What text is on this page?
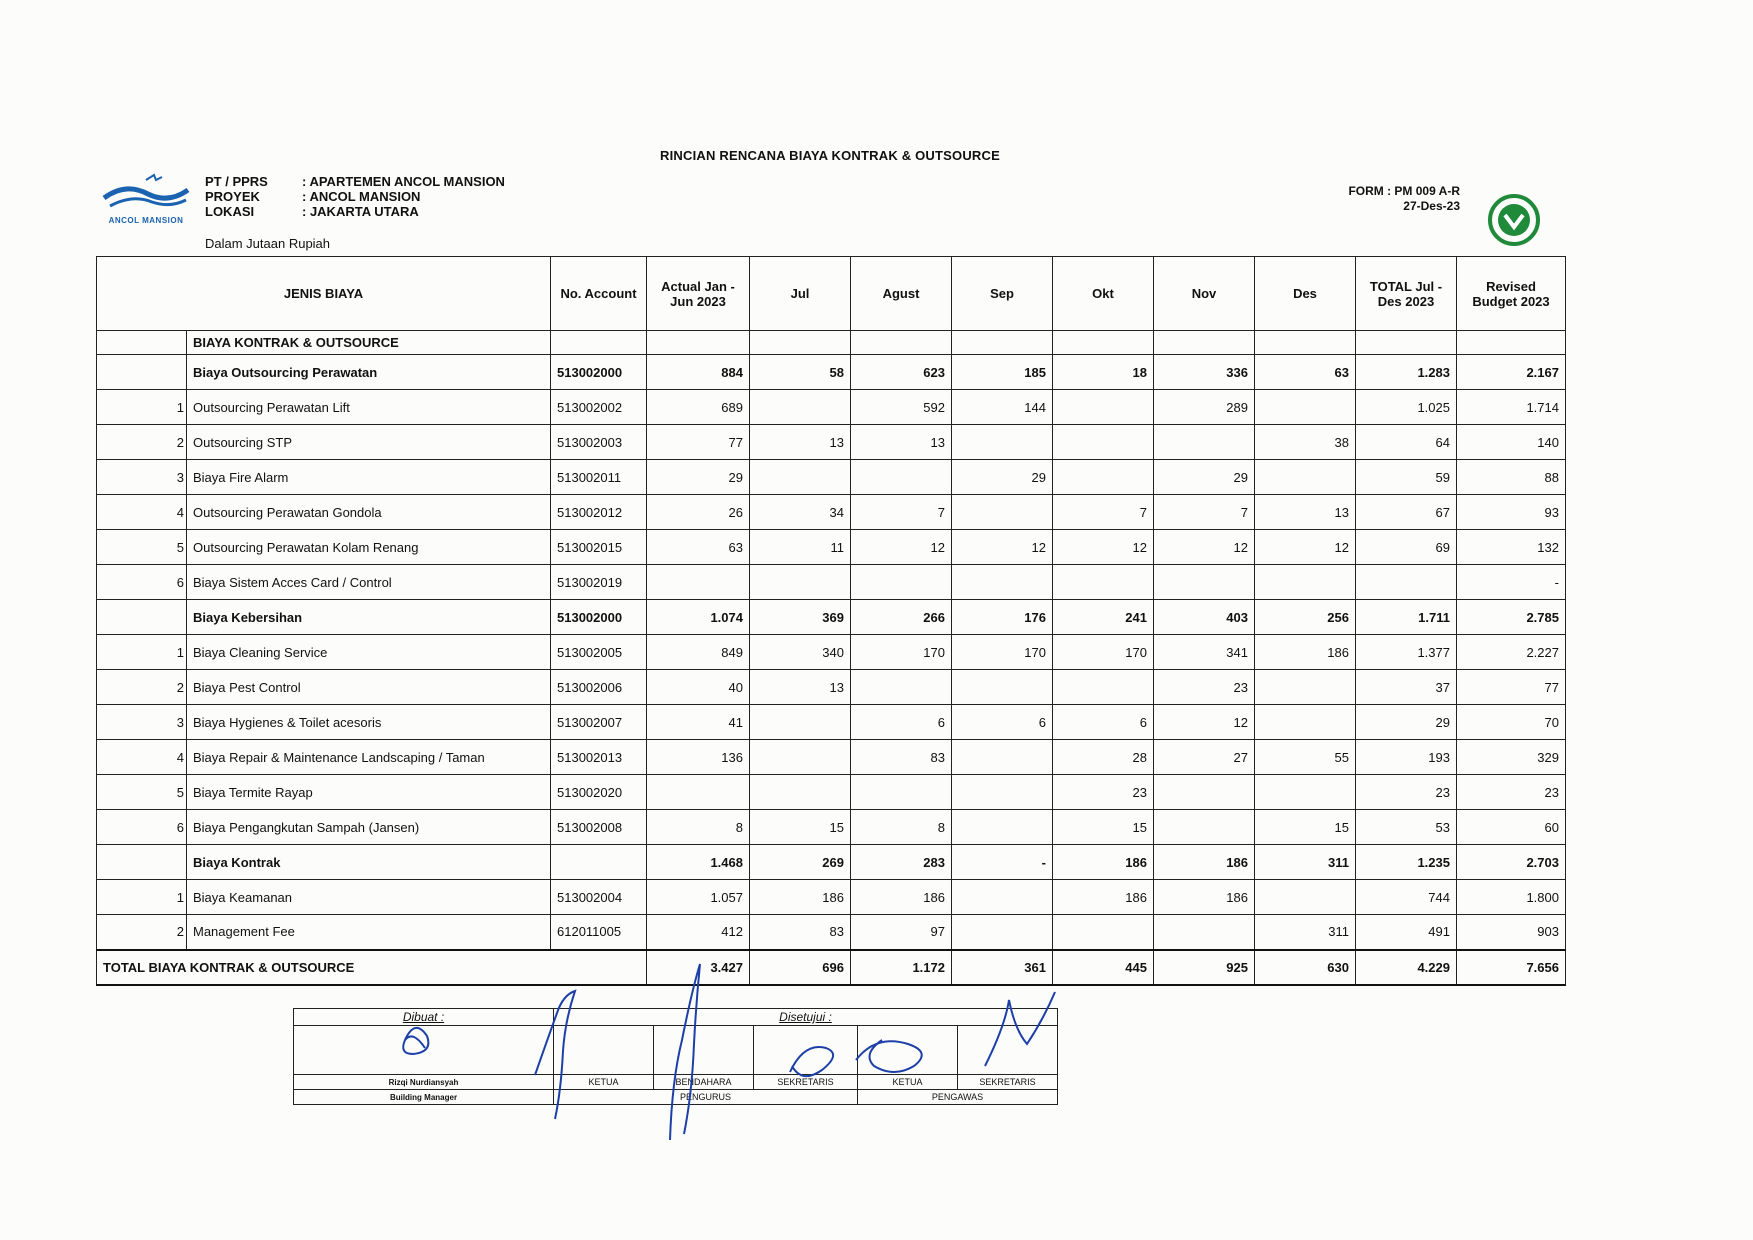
RINCIAN RENCANA BIAYA KONTRAK & OUTSOURCE
ANCOL MANSION
PT / PPRS	: APARTEMEN ANCOL MANSION
PROYEK	: ANCOL MANSION
LOKASI	: JAKARTA UTARA
FORM : PM 009 A-R
27-Des-23
Dalam Jutaan Rupiah
JENIS BIAYA		No. Account	Actual Jan - Jun 2023	Jul	Agust	Sep	Okt	Nov	Des	TOTAL Jul - Des 2023	Revised Budget 2023
	BIAYA KONTRAK & OUTSOURCE										
	Biaya Outsourcing Perawatan	513002000	884	58	623	185	18	336	63	1.283	2.167
1	Outsourcing Perawatan Lift	513002002	689		592	144		289		1.025	1.714
2	Outsourcing STP	513002003	77	13	13				38	64	140
3	Biaya Fire Alarm	513002011	29			29		29		59	88
4	Outsourcing Perawatan Gondola	513002012	26	34	7		7	7	13	67	93
5	Outsourcing Perawatan Kolam Renang	513002015	63	11	12	12	12	12	12	69	132
6	Biaya Sistem Acces Card / Control	513002019									-
	Biaya Kebersihan	513002000	1.074	369	266	176	241	403	256	1.711	2.785
1	Biaya Cleaning Service	513002005	849	340	170	170	170	341	186	1.377	2.227
2	Biaya Pest Control	513002006	40	13				23		37	77
3	Biaya Hygienes & Toilet acesoris	513002007	41		6	6	6	12		29	70
4	Biaya Repair & Maintenance Landscaping / Taman	513002013	136		83		28	27	55	193	329
5	Biaya Termite Rayap	513002020					23			23	23
6	Biaya Pengangkutan Sampah (Jansen)	513002008	8	15	8		15		15	53	60
	Biaya Kontrak		1.468	269	283	-	186	186	311	1.235	2.703
1	Biaya Keamanan	513002004	1.057	186	186		186	186		744	1.800
2	Management Fee	612011005	412	83	97				311	491	903
TOTAL BIAYA KONTRAK & OUTSOURCE			3.427	696	1.172	361	445	925	630	4.229	7.656
Dibuat :	Disetujui :				

Rizqi Nurdiansyah	KETUA	BENDAHARA	SEKRETARIS	KETUA	SEKRETARIS
Building Manager	PENGURUS			PENGAWAS	
